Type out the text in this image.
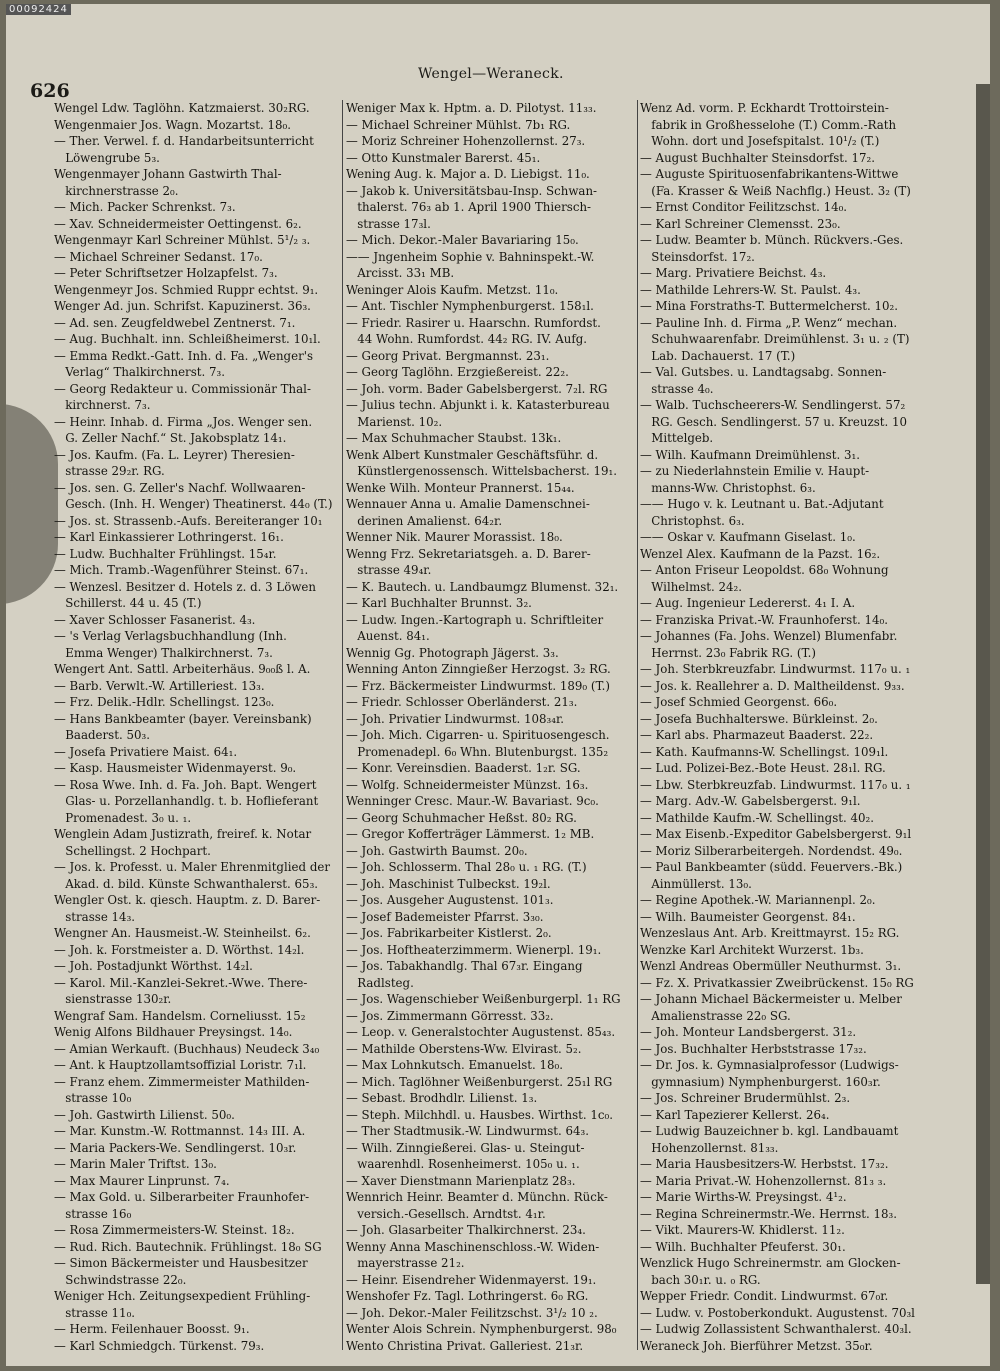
00092424
626
Wengel—Weraneck.

Wengel Ldw. Taglöhn. Katzmaierst. 30₂RG.

Wengenmaier Jos. Wagn. Mozartst. 18₀.

— Ther. Verwel. f. d. Handarbeitsunterricht

Löwengrube 5₃.

Wengenmayer Johann Gastwirth Thal-

kirchnerstrasse 2₀.

— Mich. Packer Schrenkst. 7₃.

— Xav. Schneidermeister Oettingenst. 6₂.

Wengenmayr Karl Schreiner Mühlst. 5¹/₂ ₃.

— Michael Schreiner Sedanst. 17₀.

— Peter Schriftsetzer Holzapfelst. 7₃.

Wengenmeyr Jos. Schmied Ruppr echtst. 9₁.

Wenger Ad. jun. Schrifst. Kapuzinerst. 36₃.

— Ad. sen. Zeugfeldwebel Zentnerst. 7₁.

— Aug. Buchhalt. inn. Schleißheimerst. 10₁l.

— Emma Redkt.-Gatt. Inh. d. Fa. „Wenger's

Verlag“ Thalkirchnerst. 7₃.

— Georg Redakteur u. Commissionär Thal-

kirchnerst. 7₃.

— Heinr. Inhab. d. Firma „Jos. Wenger sen.

G. Zeller Nachf.“ St. Jakobsplatz 14₁.

— Jos. Kaufm. (Fa. L. Leyrer) Theresien-

strasse 29₂r. RG.

— Jos. sen. G. Zeller's Nachf. Wollwaaren-

Gesch. (Inh. H. Wenger) Theatinerst. 44₀ (T.)

— Jos. st. Strassenb.-Aufs. Bereiteranger 10₁

— Karl Einkassierer Lothringerst. 16₁.

— Ludw. Buchhalter Frühlingst. 15₄r.

— Mich. Tramb.-Wagenführer Steinst. 67₁.

— Wenzesl. Besitzer d. Hotels z. d. 3 Löwen

Schillerst. 44 u. 45 (T.)

— Xaver Schlosser Fasanerist. 4₃.

— 's Verlag Verlagsbuchhandlung (Inh.

Emma Wenger) Thalkirchnerst. 7₃.

Wengert Ant. Sattl. Arbeiterhäus. 9₀₀ß l. A.

— Barb. Verwlt.-W. Artilleriest. 13₃.

— Frz. Delik.-Hdlr. Schellingst. 123₀.

— Hans Bankbeamter (bayer. Vereinsbank)

Baaderst. 50₃.

— Josefa Privatiere Maist. 64₁.

— Kasp. Hausmeister Widenmayerst. 9₀.

— Rosa Wwe. Inh. d. Fa. Joh. Bapt. Wengert

Glas- u. Porzellanhandlg. t. b. Hoflieferant

Promenadest. 3₀ u. ₁.

Wenglein Adam Justizrath, freiref. k. Notar

Schellingst. 2 Hochpart.

— Jos. k. Professt. u. Maler Ehrenmitglied der

Akad. d. bild. Künste Schwanthalerst. 65₃.

Wengler Ost. k. qiesch. Hauptm. z. D. Barer-

strasse 14₃.

Wengner An. Hausmeist.-W. Steinheilst. 6₂.

— Joh. k. Forstmeister a. D. Wörthst. 14₂l.

— Joh. Postadjunkt Wörthst. 14₂l.

— Karol. Mil.-Kanzlei-Sekret.-Wwe. There-

sienstrasse 130₂r.

Wengraf Sam. Handelsm. Corneliusst. 15₂

Wenig Alfons Bildhauer Preysingst. 14₀.

— Amian Werkauft. (Buchhaus) Neudeck 3₄₀

— Ant. k Hauptzollamtsoffizial Loristr. 7₁l.

— Franz ehem. Zimmermeister Mathilden-

strasse 10₀

— Joh. Gastwirth Lilienst. 50₀.

— Mar. Kunstm.-W. Rottmannst. 14₃ III. A.

— Maria Packers-We. Sendlingerst. 10₃r.

— Marin Maler Triftst. 13₀.

— Max Maurer Linprunst. 7₄.

— Max Gold. u. Silberarbeiter Fraunhofer-

strasse 16₀

— Rosa Zimmermeisters-W. Steinst. 18₂.

— Rud. Rich. Bautechnik. Frühlingst. 18₀ SG

— Simon Bäckermeister und Hausbesitzer

Schwindstrasse 22₀.

Weniger Hch. Zeitungsexpedient Frühling-

strasse 11₀.

— Herm. Feilenhauer Boosst. 9₁.

— Karl Schmiedgch. Türkenst. 79₃.

Weniger Max k. Hptm. a. D. Pilotyst. 11₃₃.

— Michael Schreiner Mühlst. 7b₁ RG.

— Moriz Schreiner Hohenzollernst. 27₃.

— Otto Kunstmaler Barerst. 45₁.

Wening Aug. k. Major a. D. Liebigst. 11₀.

— Jakob k. Universitätsbau-Insp. Schwan-

thalerst. 76₃ ab 1. April 1900 Thiersch-

strasse 17₃l.

— Mich. Dekor.-Maler Bavariaring 15₀.

—— Jngenheim Sophie v. Bahninspekt.-W.

Arcisst. 33₁ MB.

Weninger Alois Kaufm. Metzst. 11₀.

— Ant. Tischler Nymphenburgerst. 158₁l.

— Friedr. Rasirer u. Haarschn. Rumfordst.

44 Wohn. Rumfordst. 44₂ RG. IV. Aufg.

— Georg Privat. Bergmannst. 23₁.

— Georg Taglöhn. Erzgießereist. 22₂.

— Joh. vorm. Bader Gabelsbergerst. 7₂l. RG

— Julius techn. Abjunkt i. k. Katasterbureau

Marienst. 10₂.

— Max Schuhmacher Staubst. 13k₁.

Wenk Albert Kunstmaler Geschäftsführ. d.

Künstlergenossensch. Wittelsbacherst. 19₁.

Wenke Wilh. Monteur Prannerst. 15₄₄.

Wennauer Anna u. Amalie Damenschnei-

derinen Amalienst. 64₂r.

Wenner Nik. Maurer Morassist. 18₀.

Wenng Frz. Sekretariatsgeh. a. D. Barer-

strasse 49₄r.

— K. Bautech. u. Landbaumgz Blumenst. 32₁.

— Karl Buchhalter Brunnst. 3₂.

— Ludw. Ingen.-Kartograph u. Schriftleiter

Auenst. 84₁.

Wennig Gg. Photograph Jägerst. 3₃.

Wenning Anton Zinngießer Herzogst. 3₂ RG.

— Frz. Bäckermeister Lindwurmst. 189₀ (T.)

— Friedr. Schlosser Oberländerst. 21₃.

— Joh. Privatier Lindwurmst. 108₃₄r.

— Joh. Mich. Cigarren- u. Spirituosengesch.

Promenadepl. 6₀ Whn. Blutenburgst. 135₂

— Konr. Vereinsdien. Baaderst. 1₂r. SG.

— Wolfg. Schneidermeister Münzst. 16₃.

Wenninger Cresc. Maur.-W. Bavariast. 9c₀.

— Georg Schuhmacher Heßst. 80₂ RG.

— Gregor Kofferträger Lämmerst. 1₂ MB.

— Joh. Gastwirth Baumst. 20₀.

— Joh. Schlosserm. Thal 28₀ u. ₁ RG. (T.)

— Joh. Maschinist Tulbeckst. 19₂l.

— Jos. Ausgeher Augustenst. 101₃.

— Josef Bademeister Pfarrst. 3₃₀.

— Jos. Fabrikarbeiter Kistlerst. 2₀.

— Jos. Hoftheaterzimmerm. Wienerpl. 19₁.

— Jos. Tabakhandlg. Thal 67₃r. Eingang

Radlsteg.

— Jos. Wagenschieber Weißenburgerpl. 1₁ RG

— Jos. Zimmermann Görresst. 33₂.

— Leop. v. Generalstochter Augustenst. 85₄₃.

— Mathilde Oberstens-Ww. Elvirast. 5₂.

— Max Lohnkutsch. Emanuelst. 18₀.

— Mich. Taglöhner Weißenburgerst. 25₁l RG

— Sebast. Brodhdlr. Lilienst. 1₃.

— Steph. Milchhdl. u. Hausbes. Wirthst. 1c₀.

— Ther Stadtmusik.-W. Lindwurmst. 64₃.

— Wilh. Zinngießerei. Glas- u. Steingut-

waarenhdl. Rosenheimerst. 105₀ u. ₁.

— Xaver Dienstmann Marienplatz 28₃.

Wennrich Heinr. Beamter d. Münchn. Rück-

versich.-Gesellsch. Arndtst. 4₁r.

— Joh. Glasarbeiter Thalkirchnerst. 23₄.

Wenny Anna Maschinenschloss.-W. Widen-

mayerstrasse 21₂.

— Heinr. Eisendreher Widenmayerst. 19₁.

Wenshofer Fz. Tagl. Lothringerst. 6₀ RG.

— Joh. Dekor.-Maler Feilitzschst. 3¹/₂ 10 ₂.

Wenter Alois Schrein. Nymphenburgerst. 98₀

Wento Christina Privat. Galleriest. 21₃r.

Wenz Ad. vorm. P. Eckhardt Trottoirstein-

fabrik in Großhesselohe (T.) Comm.-Rath

Wohn. dort und Josefspitalst. 10¹/₂ (T.)

— August Buchhalter Steinsdorfst. 17₂.

— Auguste Spirituosenfabrikantens-Wittwe

(Fa. Krasser & Weiß Nachflg.) Heust. 3₂ (T)

— Ernst Conditor Feilitzschst. 14₀.

— Karl Schreiner Clemensst. 23₀.

— Ludw. Beamter b. Münch. Rückvers.-Ges.

Steinsdorfst. 17₂.

— Marg. Privatiere Beichst. 4₃.

— Mathilde Lehrers-W. St. Paulst. 4₃.

— Mina Forstraths-T. Buttermelcherst. 10₂.

— Pauline Inh. d. Firma „P. Wenz“ mechan.

Schuhwaarenfabr. Dreimühlenst. 3₁ u. ₂ (T)

Lab. Dachauerst. 17 (T.)

— Val. Gutsbes. u. Landtagsabg. Sonnen-

strasse 4₀.

— Walb. Tuchscheerers-W. Sendlingerst. 57₂

RG. Gesch. Sendlingerst. 57 u. Kreuzst. 10

Mittelgeb.

— Wilh. Kaufmann Dreimühlenst. 3₁.

— zu Niederlahnstein Emilie v. Haupt-

manns-Ww. Christophst. 6₃.

—— Hugo v. k. Leutnant u. Bat.-Adjutant

Christophst. 6₃.

—— Oskar v. Kaufmann Giselast. 1₀.

Wenzel Alex. Kaufmann de la Pazst. 16₂.

— Anton Friseur Leopoldst. 68₀ Wohnung

Wilhelmst. 24₂.

— Aug. Ingenieur Ledererst. 4₁ I. A.

— Franziska Privat.-W. Fraunhoferst. 14₀.

— Johannes (Fa. Johs. Wenzel) Blumenfabr.

Herrnst. 23₀ Fabrik RG. (T.)

— Joh. Sterbkreuzfabr. Lindwurmst. 117₀ u. ₁

— Jos. k. Reallehrer a. D. Maltheildenst. 9₃₃.

— Josef Schmied Georgenst. 66₀.

— Josefa Buchhalterswe. Bürkleinst. 2₀.

— Karl abs. Pharmazeut Baaderst. 22₂.

— Kath. Kaufmanns-W. Schellingst. 109₁l.

— Lud. Polizei-Bez.-Bote Heust. 28₁l. RG.

— Lbw. Sterbkreuzfab. Lindwurmst. 117₀ u. ₁

— Marg. Adv.-W. Gabelsbergerst. 9₁l.

— Mathilde Kaufm.-W. Schellingst. 40₂.

— Max Eisenb.-Expeditor Gabelsbergerst. 9₁l

— Moriz Silberarbeitergeh. Nordendst. 49₀.

— Paul Bankbeamter (südd. Feuervers.-Bk.)

Ainmüllerst. 13₀.

— Regine Apothek.-W. Mariannenpl. 2₀.

— Wilh. Baumeister Georgenst. 84₁.

Wenzeslaus Ant. Arb. Kreittmayrst. 15₂ RG.

Wenzke Karl Architekt Wurzerst. 1b₃.

Wenzl Andreas Obermüller Neuthurmst. 3₁.

— Fz. X. Privatkassier Zweibrückenst. 15₀ RG

— Johann Michael Bäckermeister u. Melber

Amalienstrasse 22₀ SG.

— Joh. Monteur Landsbergerst. 31₂.

— Jos. Buchhalter Herbststrasse 17₃₂.

— Dr. Jos. k. Gymnasialprofessor (Ludwigs-

gymnasium) Nymphenburgerst. 160₃r.

— Jos. Schreiner Brudermühlst. 2₃.

— Karl Tapezierer Kellerst. 26₄.

— Ludwig Bauzeichner b. kgl. Landbauamt

Hohenzollernst. 81₃₃.

— Maria Hausbesitzers-W. Herbstst. 17₃₂.

— Maria Privat.-W. Hohenzollernst. 81₃ ₃.

— Marie Wirths-W. Preysingst. 4¹₂.

— Regina Schreinermstr.-We. Herrnst. 18₃.

— Vikt. Maurers-W. Khidlerst. 11₂.

— Wilh. Buchhalter Pfeuferst. 30₁.

Wenzlick Hugo Schreinermstr. am Glocken-

bach 30₁r. u. ₀ RG.

Wepper Friedr. Condit. Lindwurmst. 67₀r.

— Ludw. v. Postoberkondukt. Augustenst. 70₃l

— Ludwig Zollassistent Schwanthalerst. 40₃l.

Weraneck Joh. Bierführer Metzst. 35₀r.
